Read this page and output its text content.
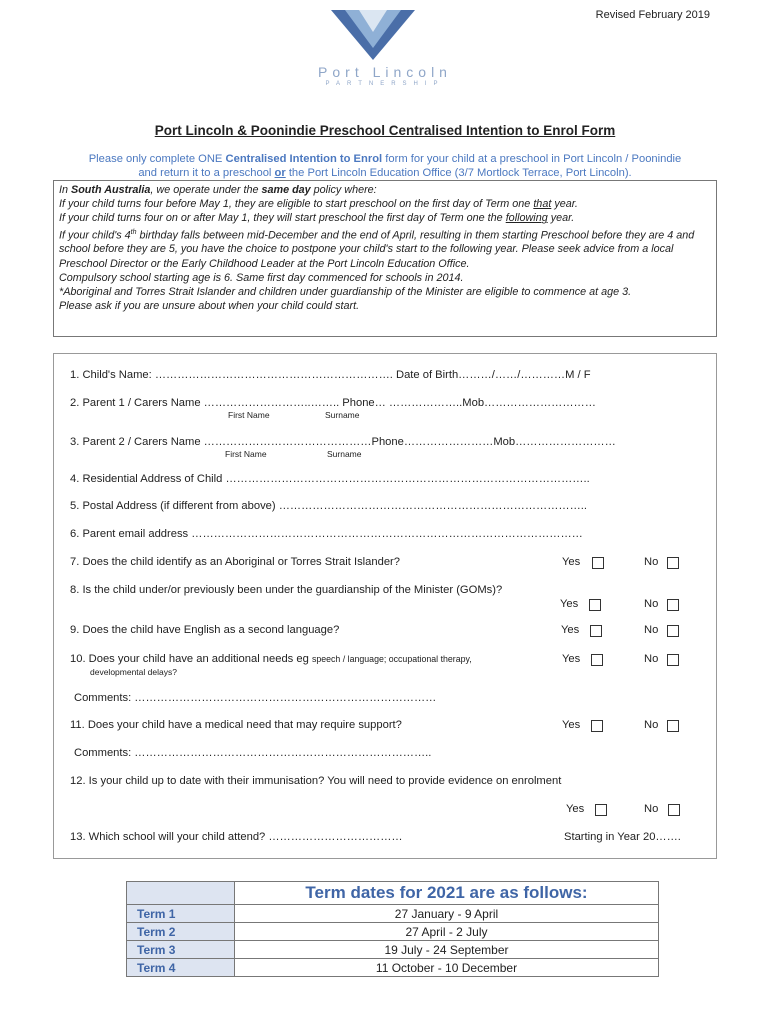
Port Lincoln
PARTNERSHIP
Revised February 2019
Port Lincoln & Poonindie Preschool Centralised Intention to Enrol Form
Please only complete ONE Centralised Intention to Enrol form for your child at a preschool in Port Lincoln / Poonindie
and return it to a preschool or the Port Lincoln Education Office (3/7 Mortlock Terrace, Port Lincoln).

In South Australia, we operate under the same day policy where:

If your child turns four before May 1, they are eligible to start preschool on the first day of Term one that year.

If your child turns four on or after May 1, they will start preschool the first day of Term one the following year.

If your child's 4th birthday falls between mid-December and the end of April, resulting in them starting Preschool before they are 4 and school before they are 5, you have the choice to postpone your child's start to the following year. Please seek advice from a local Preschool Director or the Early Childhood Leader at the Port Lincoln Education Office.

Compulsory school starting age is 6. Same first day commenced for schools in 2014.

*Aboriginal and Torres Strait Islander and children under guardianship of the Minister are eligible to commence at age 3.

Please ask if you are unsure about when your child could start.

1. Child's Name: ………………………………………………………. Date of Birth………/……/…………M / F
2. Parent 1 / Carers Name ………………………..…….. Phone… ………………..Mob…………………………
First Name	Surname
3. Parent 2 / Carers Name ………………………………………Phone……………………Mob………………………
First Name	Surname
4. Residential Address of Child ……………………………………………………………………………………..
5. Postal Address (if different from above) ………………………………………………………………………..
6. Parent email address ……………………………………………………………………………………………
7. Does the child identify as an Aboriginal or Torres Strait Islander?	Yes	No
8. Is the child under/or previously been under the guardianship of the Minister (GOMs)?
Yes	No
9. Does the child have English as a second language?	Yes	No
10. Does your child have an additional needs eg speech / language; occupational therapy,
developmental delays?
Yes	No
Comments: ………………………………………………………………………
11. Does your child have a medical need that may require support?	Yes	No
Comments: ……………………………………………………………………..
12. Is your child up to date with their immunisation? You will need to provide evidence on enrolment
Yes	No
13. Which school will your child attend? ………………………………	Starting in Year 20…….
	Term dates for 2021 are as follows:
Term 1	27 January - 9 April
Term 2	27 April - 2 July
Term 3	19 July - 24 September
Term 4	11 October - 10 December
